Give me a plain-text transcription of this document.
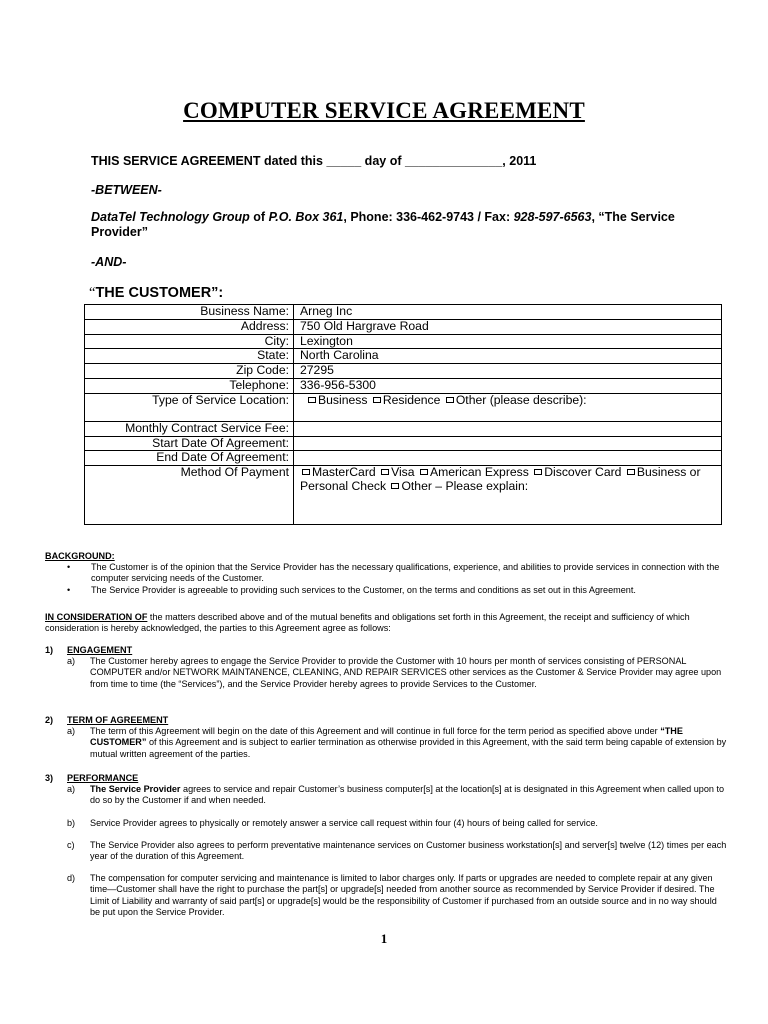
COMPUTER SERVICE AGREEMENT
THIS SERVICE AGREEMENT dated this _____ day of ______________, 2011
-BETWEEN-
DataTel Technology Group of P.O. Box 361, Phone: 336-462-9743 / Fax: 928-597-6563, “The Service Provider”
-AND-
“THE CUSTOMER”:
Business Name:	Arneg Inc
Address:	750 Old Hargrave Road
City:	Lexington
State:	North Carolina
Zip Code:	27295
Telephone:	336-956-5300
Type of Service Location:	Business Residence Other (please describe):
Monthly Contract Service Fee:	
Start Date Of Agreement:	
End Date Of Agreement:	
Method Of Payment	MasterCard Visa American Express Discover Card Business or Personal Check Other – Please explain:
BACKGROUND:
• The Customer is of the opinion that the Service Provider has the necessary qualifications, experience, and abilities to provide services in connection with the computer servicing needs of the Customer.
• The Service Provider is agreeable to providing such services to the Customer, on the terms and conditions as set out in this Agreement.
IN CONSIDERATION OF the matters described above and of the mutual benefits and obligations set forth in this Agreement, the receipt and sufficiency of which consideration is hereby acknowledged, the parties to this Agreement agree as follows:
1) ENGAGEMENT
a) The Customer hereby agrees to engage the Service Provider to provide the Customer with 10 hours per month of services consisting of PERSONAL COMPUTER and/or NETWORK MAINTANENCE, CLEANING, AND REPAIR SERVICES other services as the Customer & Service Provider may agree upon from time to time (the “Services”), and the Service Provider hereby agrees to provide Services to the Customer.
2) TERM OF AGREEMENT
a) The term of this Agreement will begin on the date of this Agreement and will continue in full force for the term period as specified above under “THE CUSTOMER” of this Agreement and is subject to earlier termination as otherwise provided in this Agreement, with the said term being capable of extension by mutual written agreement of the parties.
3) PERFORMANCE
a) The Service Provider agrees to service and repair Customer’s business computer[s] at the location[s] at is designated in this Agreement when called upon to do so by the Customer if and when needed.
b) Service Provider agrees to physically or remotely answer a service call request within four (4) hours of being called for service.
c) The Service Provider also agrees to perform preventative maintenance services on Customer business workstation[s] and server[s] twelve (12) times per each year of the duration of this Agreement.
d) The compensation for computer servicing and maintenance is limited to labor charges only. If parts or upgrades are needed to complete repair at any given time—Customer shall have the right to purchase the part[s] or upgrade[s] needed from another source as recommended by Service Provider if desired. The Limit of Liability and warranty of said part[s] or upgrade[s] would be the responsibility of Customer if purchased from an outside source and in no way should be put upon the Service Provider.
1
